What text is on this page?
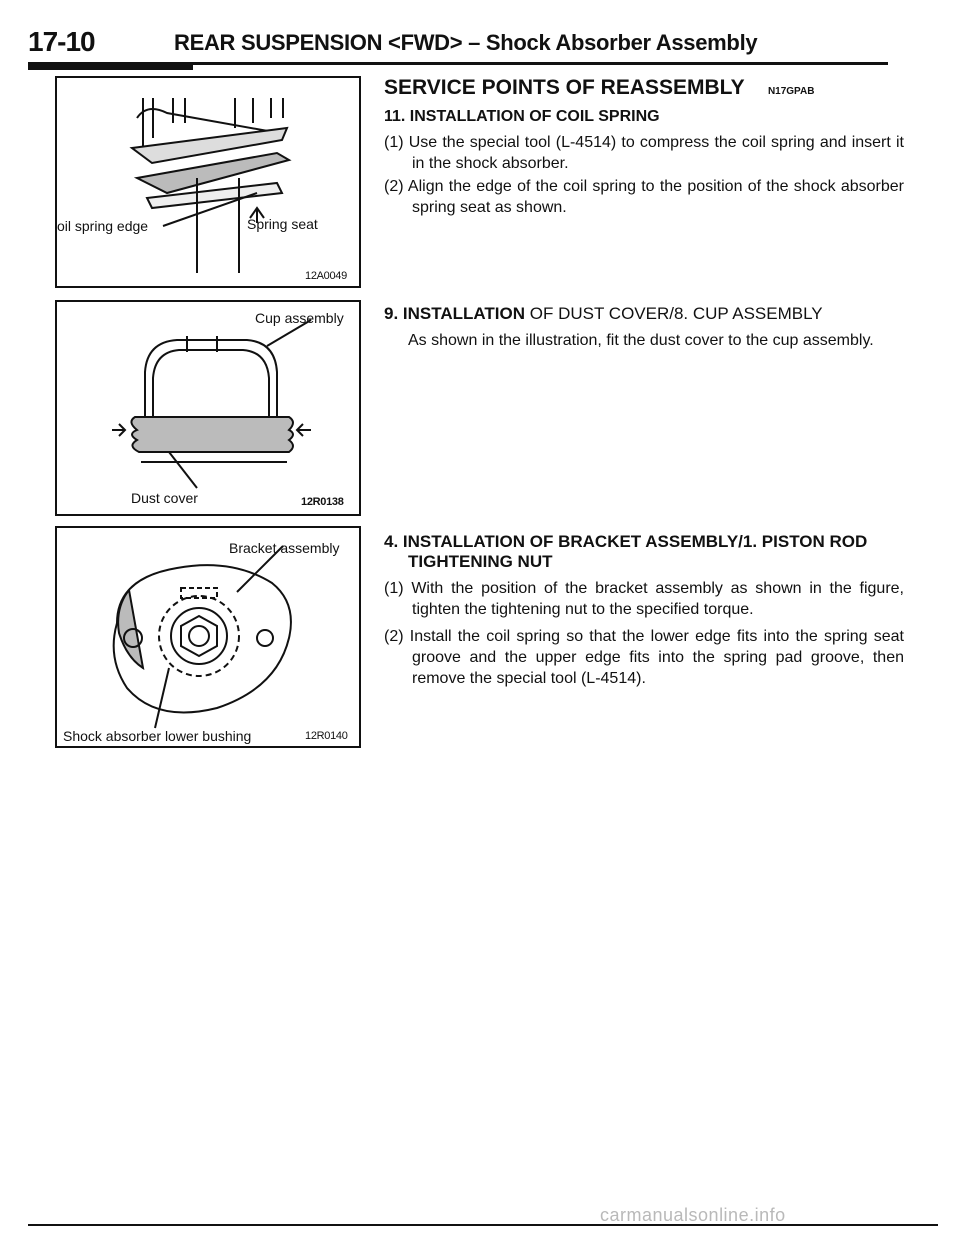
17-10	REAR SUSPENSION <FWD> – Shock Absorber Assembly
oil spring edge	Spring seat
12A0049
Cup assembly
Dust cover	12R0138
Bracket assembly
Shock absorber lower bushing	12R0140
SERVICE POINTS OF REASSEMBLY N17GPAB
11. INSTALLATION OF COIL SPRING
(1) Use the special tool (L-4514) to compress the coil spring and insert it in the shock absorber.
(2) Align the edge of the coil spring to the position of the shock absorber spring seat as shown.
9. INSTALLATION OF DUST COVER/8. CUP ASSEMBLY
As shown in the illustration, fit the dust cover to the cup assembly.
4. INSTALLATION OF BRACKET ASSEMBLY/1. PISTON ROD TIGHTENING NUT
(1) With the position of the bracket assembly as shown in the figure, tighten the tightening nut to the specified torque.
(2) Install the coil spring so that the lower edge fits into the spring seat groove and the upper edge fits into the spring pad groove, then remove the special tool (L-4514).
carmanualsonline.info
